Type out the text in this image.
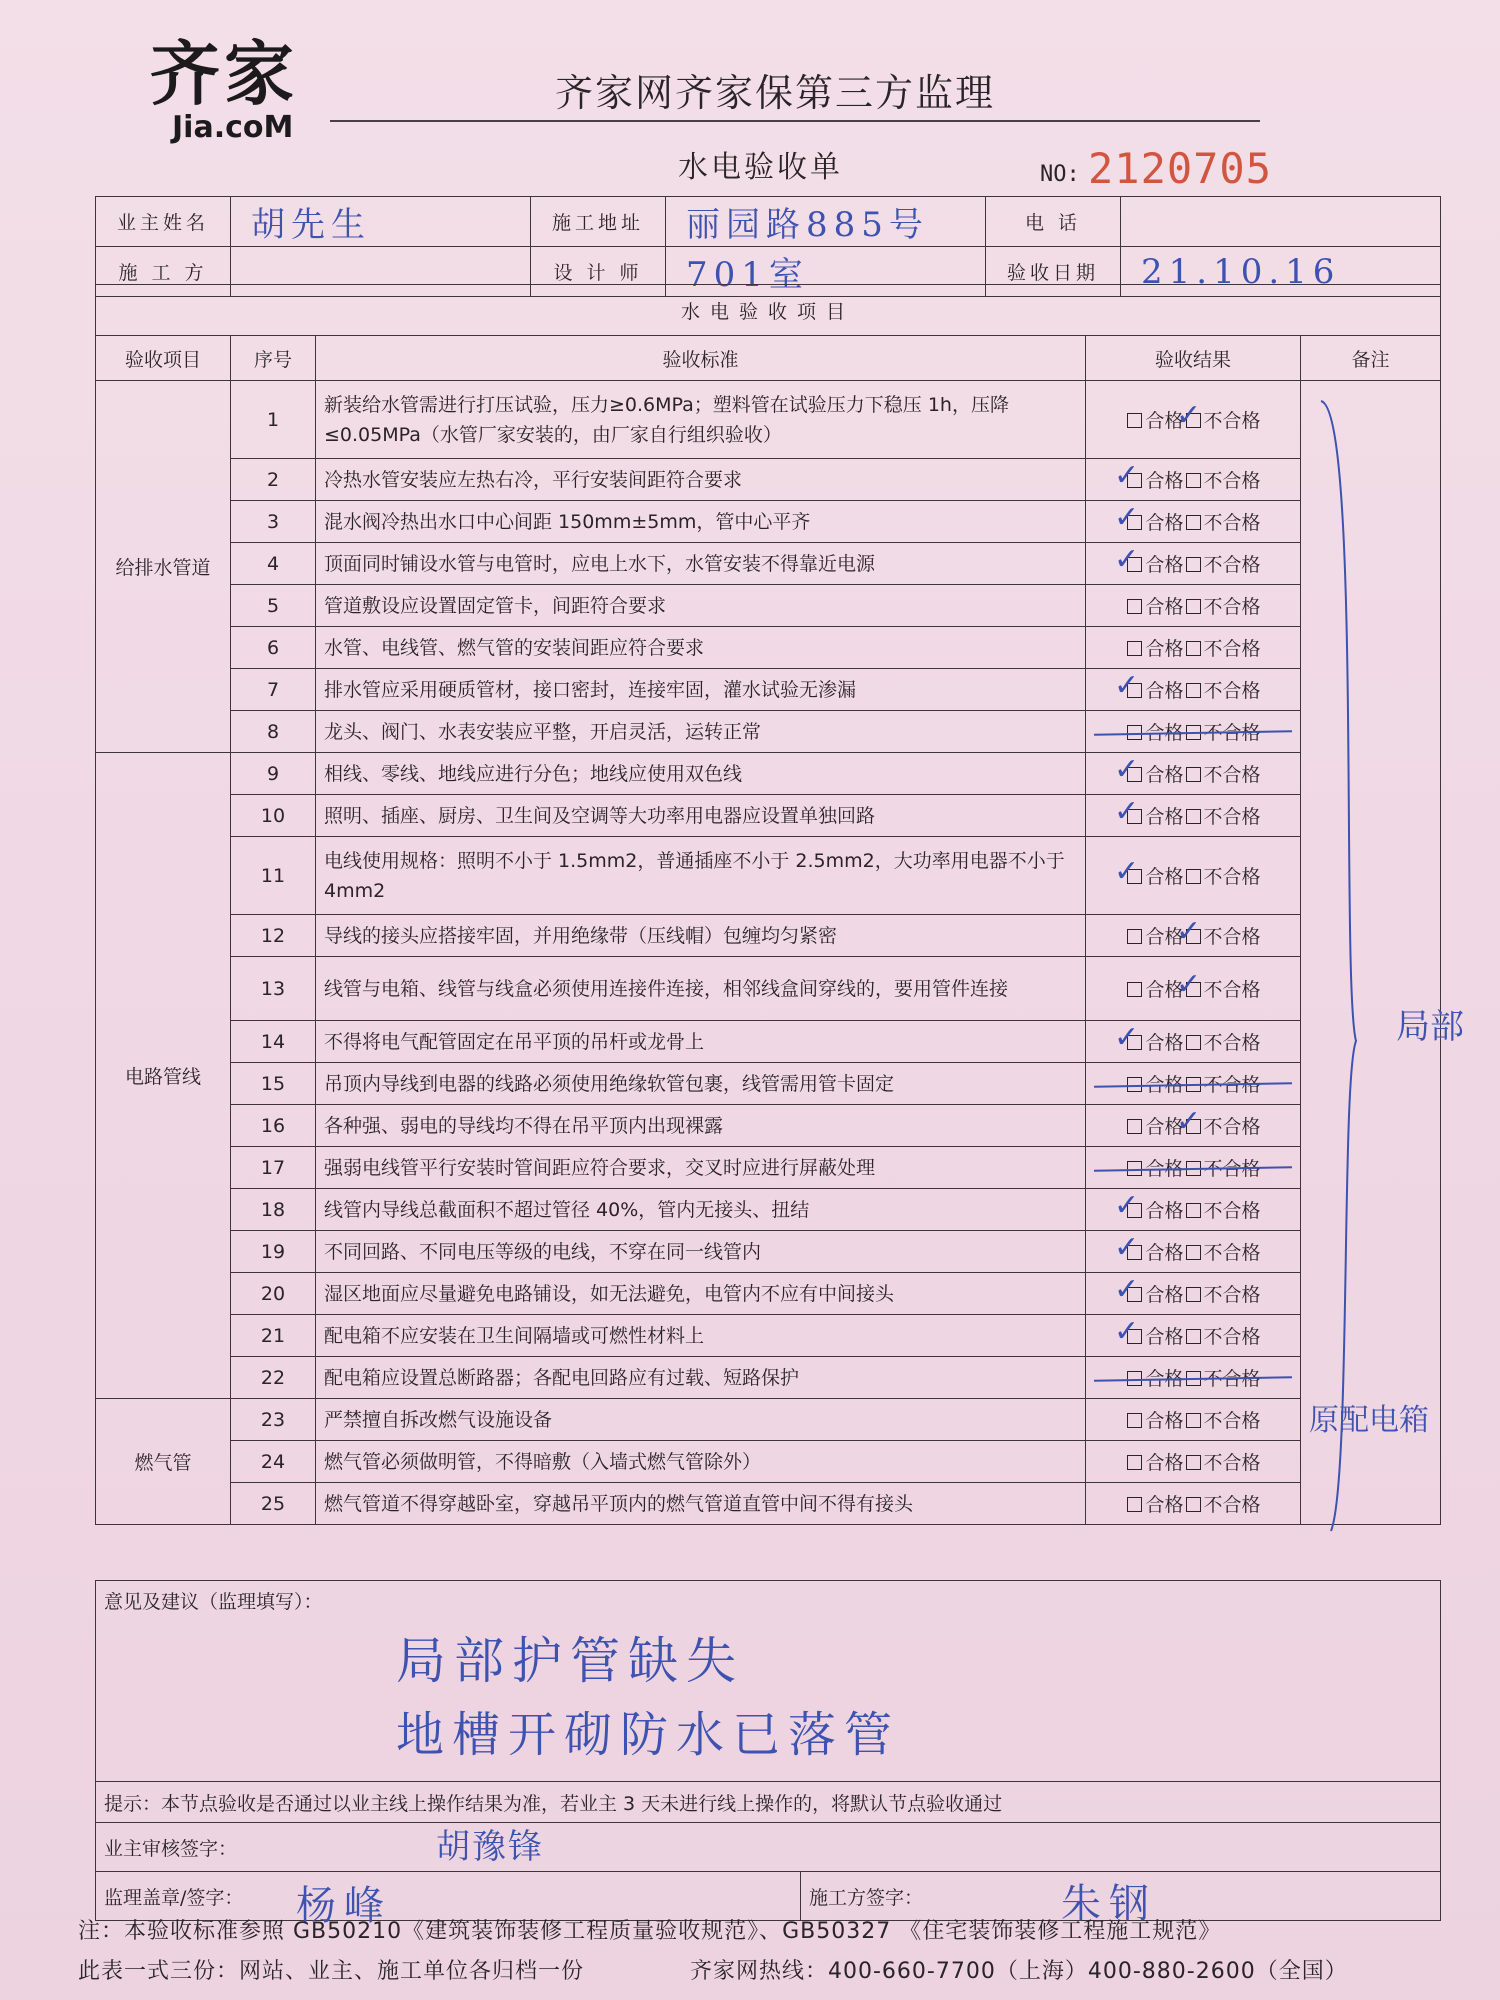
齐家
Jia.coM
齐家网齐家保第三方监理
水电验收单	NO: 2120705
业主姓名	胡先生	施工地址	丽园路885号	电 话	
施 工 方		设 计 师	701室	验收日期	21.10.16
水电验收项目				
验收项目	序号	验收标准	验收结果	备注
给排水管道	1	新装给水管需进行打压试验，压力≥0.6MPa；塑料管在试验压力下稳压 1h，压降≤0.05MPa（水管厂家安装的，由厂家自行组织验收）	合格 不合格
✓	局部
原配电箱

	2	冷热水管安装应左热右冷，平行安装间距符合要求	合格 不合格
✓	

	3	混水阀冷热出水口中心间距 150mm±5mm，管中心平齐	合格 不合格
✓	

	4	顶面同时铺设水管与电管时，应电上水下，水管安装不得靠近电源	合格 不合格
✓	

	5	管道敷设应设置固定管卡，间距符合要求	合格 不合格	
	6	水管、电线管、燃气管的安装间距应符合要求	合格 不合格	
	7	排水管应采用硬质管材，接口密封，连接牢固，灌水试验无渗漏	合格 不合格
✓	

	8	龙头、阀门、水表安装应平整，开启灵活，运转正常	合格 不合格	

电路管线	9	相线、零线、地线应进行分色；地线应使用双色线	合格 不合格
✓	

	10	照明、插座、厨房、卫生间及空调等大功率用电器应设置单独回路	合格 不合格
✓	

	11	电线使用规格：照明不小于 1.5mm2，普通插座不小于 2.5mm2，大功率用电器不小于 4mm2	合格 不合格
✓	

	12	导线的接头应搭接牢固，并用绝缘带（压线帽）包缠均匀紧密	合格 不合格
✓	

	13	线管与电箱、线管与线盒必须使用连接件连接，相邻线盒间穿线的，要用管件连接	合格 不合格
✓	

	14	不得将电气配管固定在吊平顶的吊杆或龙骨上	合格 不合格
✓	

	15	吊顶内导线到电器的线路必须使用绝缘软管包裹，线管需用管卡固定	合格 不合格	

	16	各种强、弱电的导线均不得在吊平顶内出现裸露	合格 不合格
✓	

	17	强弱电线管平行安装时管间距应符合要求，交叉时应进行屏蔽处理	合格 不合格	

	18	线管内导线总截面积不超过管径 40%，管内无接头、扭结	合格 不合格
✓	

	19	不同回路、不同电压等级的电线，不穿在同一线管内	合格 不合格
✓	

	20	湿区地面应尽量避免电路铺设，如无法避免，电管内不应有中间接头	合格 不合格
✓	

	21	配电箱不应安装在卫生间隔墙或可燃性材料上	合格 不合格
✓	

	22	配电箱应设置总断路器；各配电回路应有过载、短路保护	合格 不合格	

燃气管	23	严禁擅自拆改燃气设施设备	合格 不合格	
	24	燃气管必须做明管，不得暗敷（入墙式燃气管除外）	合格 不合格	
	25	燃气管道不得穿越卧室，穿越吊平顶内的燃气管道直管中间不得有接头	合格 不合格	
意见及建议（监理填写）：
局部护管缺失
地槽开砌防水已落管

提示：本节点验收是否通过以业主线上操作结果为准，若业主 3 天未进行线上操作的，将默认节点验收通过
业主审核签字：	胡豫锋

监理盖章/签字： 杨峰	施工方签字：	朱钢
注：本验收标准参照 GB50210《建筑装饰装修工程质量验收规范》、GB50327 《住宅装饰装修工程施工规范》
此表一式三份：网站、业主、施工单位各归档一份	齐家网热线：400-660-7700（上海）400-880-2600（全国）
